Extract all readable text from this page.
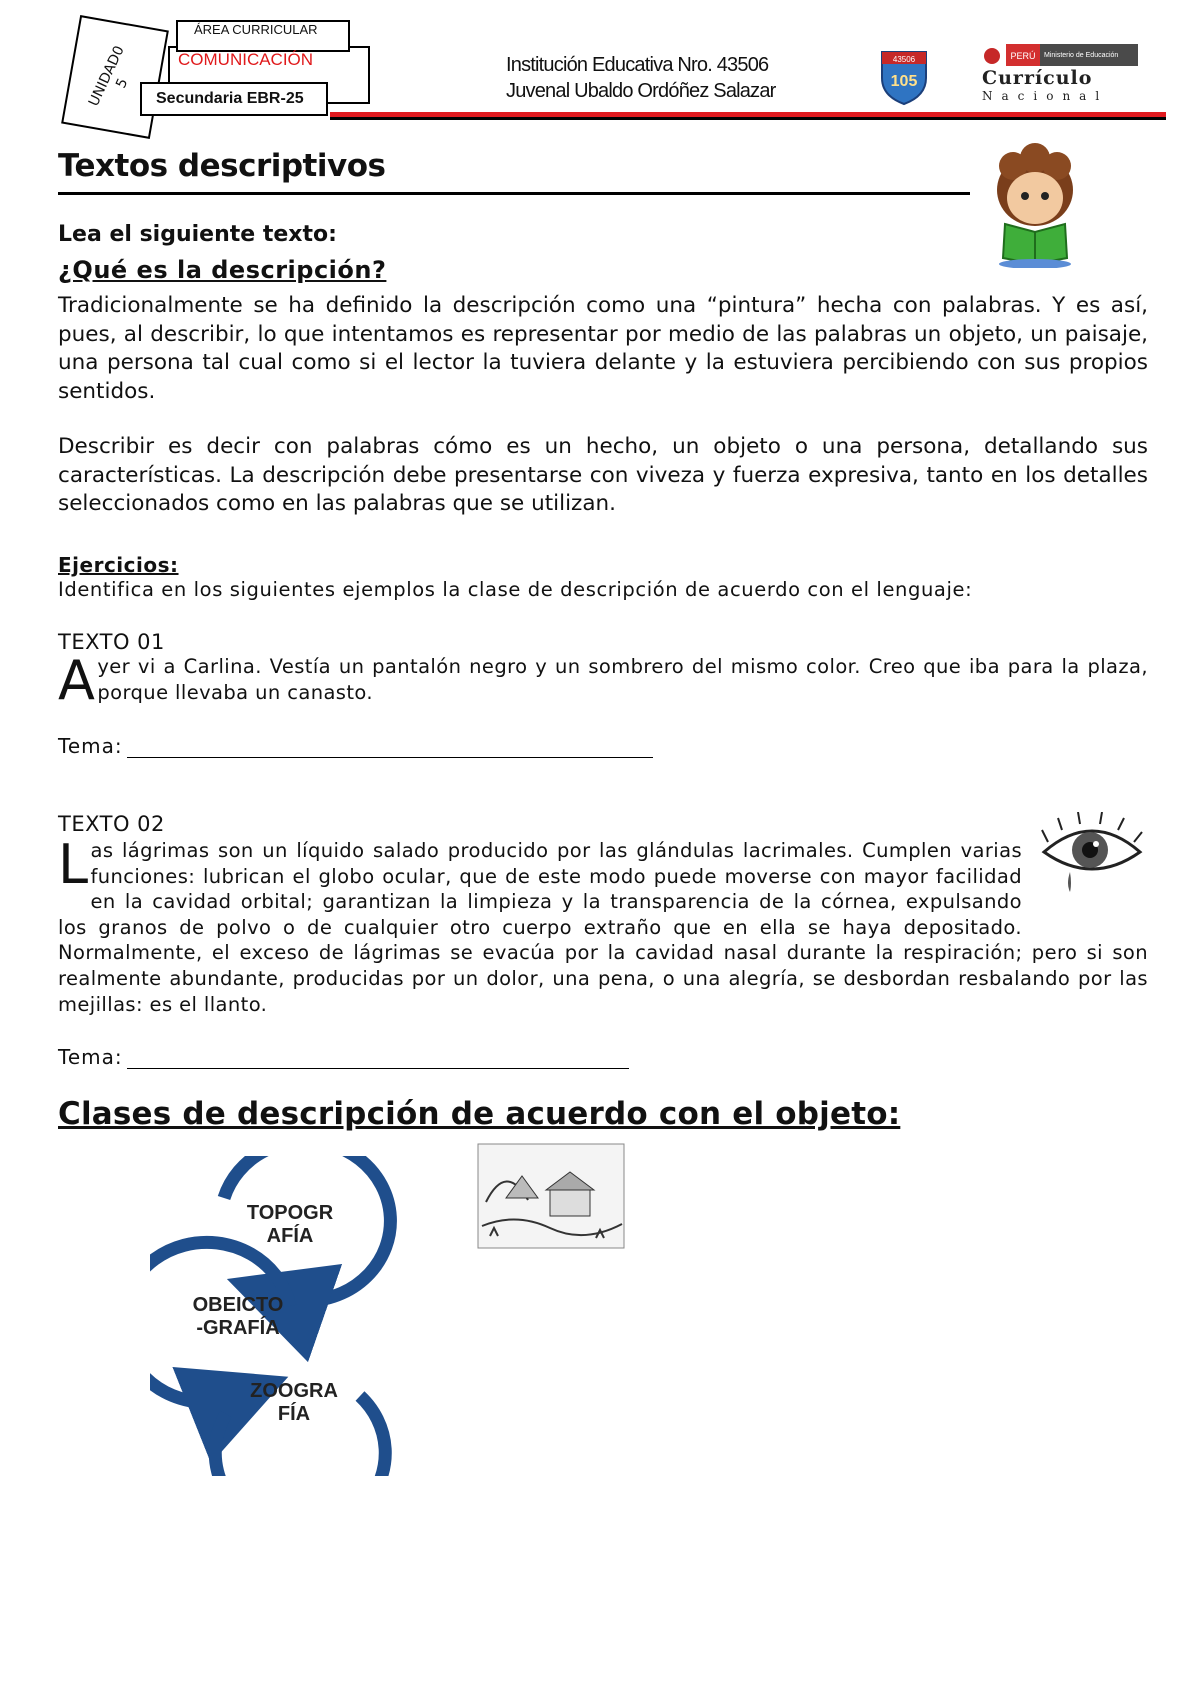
UNIDAD0
5
ÁREA CURRICULAR
COMUNICACIÓN
Secundaria EBR-25
Institución Educativa Nro. 43506
Juvenal Ubaldo Ordóñez Salazar
43506
105
PERÚ Ministerio de Educación
Currículo
Nacional
Textos descriptivos
Lea el siguiente texto:
¿Qué es la descripción?

Tradicionalmente se ha definido la descripción como una “pintura” hecha con palabras. Y es así, pues, al describir, lo que intentamos es representar por medio de las palabras un objeto, un paisaje, una persona tal cual como si el lector la tuviera delante y la estuviera percibiendo con sus propios sentidos.

Describir es decir con palabras cómo es un hecho, un objeto o una persona, detallando sus características. La descripción debe presentarse con viveza y fuerza expresiva, tanto en los detalles seleccionados como en las palabras que se utilizan.

Ejercicios:
Identifica en los siguientes ejemplos la clase de descripción de acuerdo con el lenguaje:
TEXTO 01
A yer vi a Carlina. Vestía un pantalón negro y un sombrero del mismo color. Creo que iba para la plaza, porque llevaba un canasto.
Tema:
TEXTO 02
L as lágrimas son un líquido salado producido por las glándulas lacrimales. Cumplen varias funciones: lubrican el globo ocular, que de este modo puede moverse con mayor facilidad en la cavidad orbital; garantizan la limpieza y la transparencia de la córnea, expulsando los granos de polvo o de cualquier otro cuerpo extraño que en ella se haya depositado. Normalmente, el exceso de lágrimas se evacúa por la cavidad nasal durante la respiración; pero si son realmente abundante, producidas por un dolor, una pena, o una alegría, se desbordan resbalando por las mejillas: es el llanto.
Tema:
Clases de descripción de acuerdo con el objeto:
TOPOGR
AFÍA
OBEICTO
-GRAFÍA
ZOOGRA
FÍA
